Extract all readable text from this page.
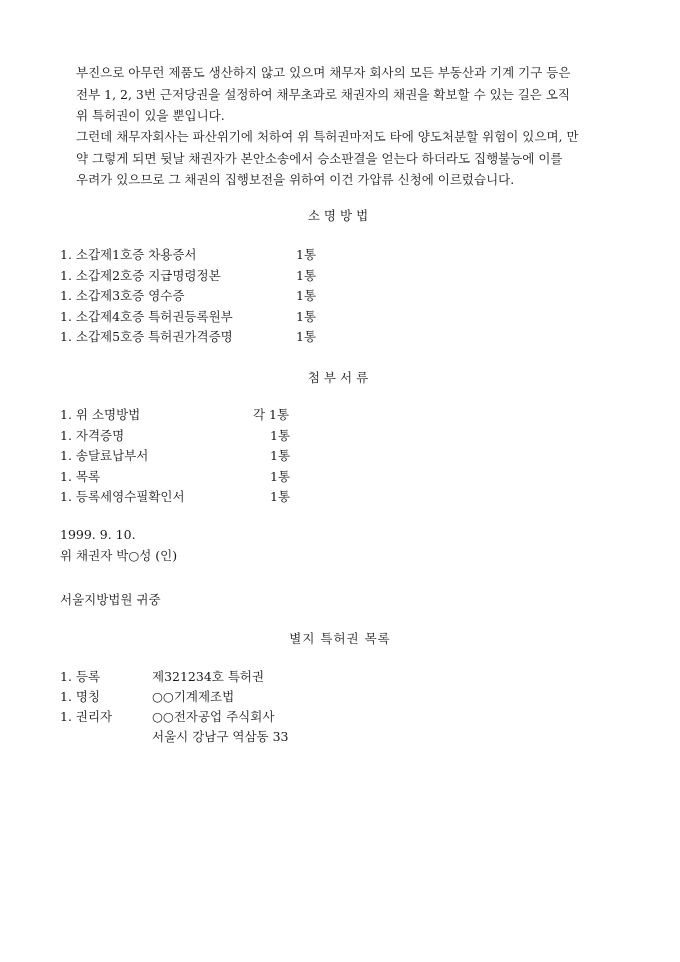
부진으로 아무런 제품도 생산하지 않고 있으며 채무자 회사의 모든 부동산과 기계 기구 등은
전부 1, 2, 3번 근저당권을 설정하여 채무초과로 채권자의 채권을 확보할 수 있는 길은 오직
위 특허권이 있을 뿐입니다.
그런데 채무자회사는 파산위기에 처하여 위 특허권마저도 타에 양도처분할 위험이 있으며, 만
약 그렇게 되면 뒷날 채권자가 본안소송에서 승소판결을 얻는다 하더라도 집행불능에 이를
우려가 있으므로 그 채권의 집행보전을 위하여 이건 가압류 신청에 이르렀습니다.
소명방법
1. 소갑제1호증 차용증서	1통
1. 소갑제2호증 지급명령정본	1통
1. 소갑제3호증 영수증	1통
1. 소갑제4호증 특허권등록원부	1통
1. 소갑제5호증 특허권가격증명	1통
첨부서류
1. 위 소명방법	각 1통
1. 자격증명	1통
1. 송달료납부서	1통
1. 목록	1통
1. 등록세영수필확인서	1통
1999. 9. 10.
위 채권자 박○성 (인)
서울지방법원 귀중
별지 특허권 목록
1. 등록	제321234호 특허권
1. 명칭	○○기계제조법
1. 권리자	○○전자공업 주식회사
서울시 강남구 역삼동 33
